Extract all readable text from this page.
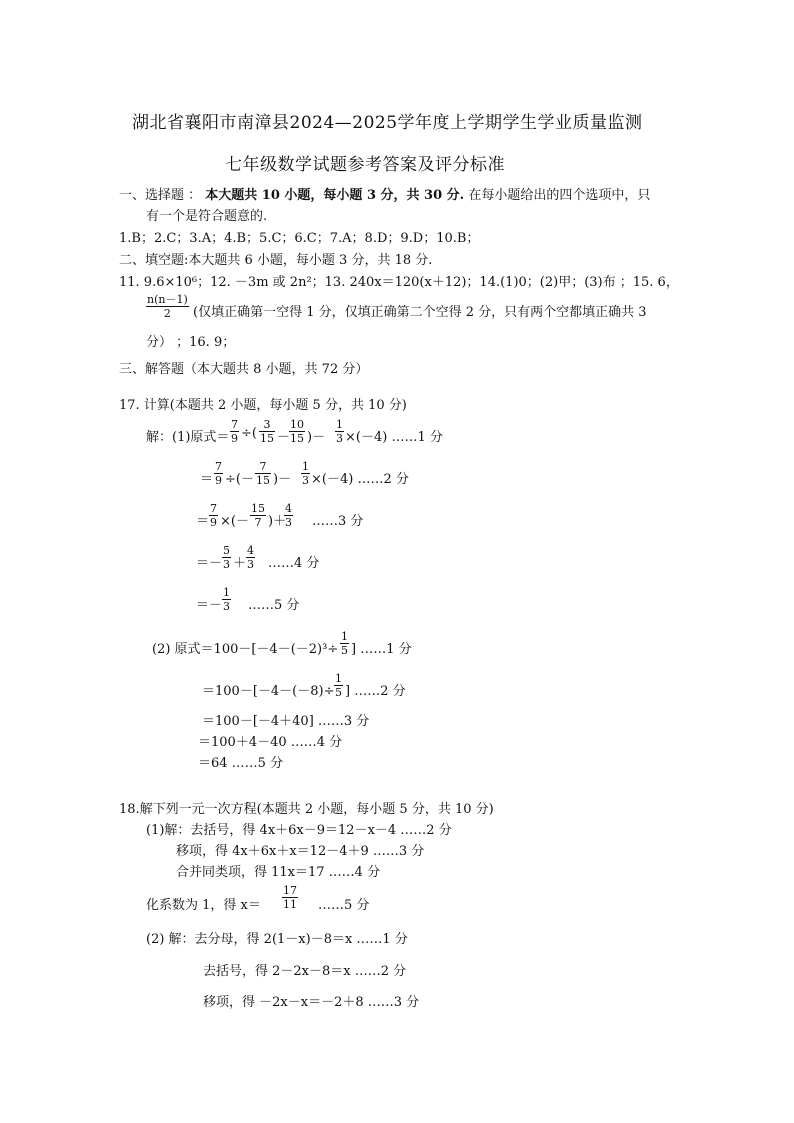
湖北省襄阳市南漳县2024—2025学年度上学期学生学业质量监测
七年级数学试题参考答案及评分标准
一、选择题 ： 本大题共 10 小题，每小题 3 分，共 30 分. 在每小题给出的四个选项中，只
有一个是符合题意的.
1.B；2.C；3.A；4.B；5.C；6.C；7.A；8.D；9.D；10.B；
二、填空题:本大题共 6 小题，每小题 3 分，共 18 分.
11. 9.6×10⁶；12. －3m 或 2n²；13. 240x＝120(x＋12)；14.(1)0；(2)甲；(3)布 ；15. 6，
$\frac{n(n-1)}{2}$ (仅填正确第一空得 1 分，仅填正确第二个空得 2 分，只有两个空都填正确共 3
分） ；16. 9；
三、解答题（本大题共 8 小题，共 72 分）
17. 计算(本题共 2 小题，每小题 5 分，共 10 分)
解：(1)原式＝ $\frac{7}{9}$ ÷( $\frac{3}{15}$ －
$\frac{10}{15}$ )－ $\frac{1}{3} \times(-4)$ ……1 分
＝ $\frac{7}{9}$ ÷(－ $\frac{7}{15}$ )－ $\frac{1}{3} \times(-4)$ ……2 分
＝ $\frac{7}{9}$ ×(－ $\frac{15}{7}$ )＋
$\frac{4}{3}$ ……3 分
＝－ $\frac{5}{3} + \frac{4}{3}$ ……4 分
＝－ $\frac{1}{3}$ ……5 分
(2) 原式$=100-[-4-(-2)^3\div \frac{1}{5}$ ] ……1 分
$=100-[-4-(-8)\div \frac{1}{5}$ ] ……2 分
＝100－[－4＋40] ……3 分
＝100＋4－40 ……4 分
＝64 ……5 分
18.解下列一元一次方程(本题共 2 小题，每小题 5 分，共 10 分)
(1)解：去括号，得 4x＋6x－9＝12－x－4 ……2 分
移项，得 4x＋6x＋x＝12－4＋9 ……3 分
合并同类项，得 11x＝17 ……4 分
化系数为 1，得 $x= \frac{17}{11}$ ……5 分
(2) 解：去分母，得 2(1－x)－8＝x ……1 分
去括号，得 2－2x－8＝x ……2 分
移项，得 －2x－x＝－2＋8 ……3 分
